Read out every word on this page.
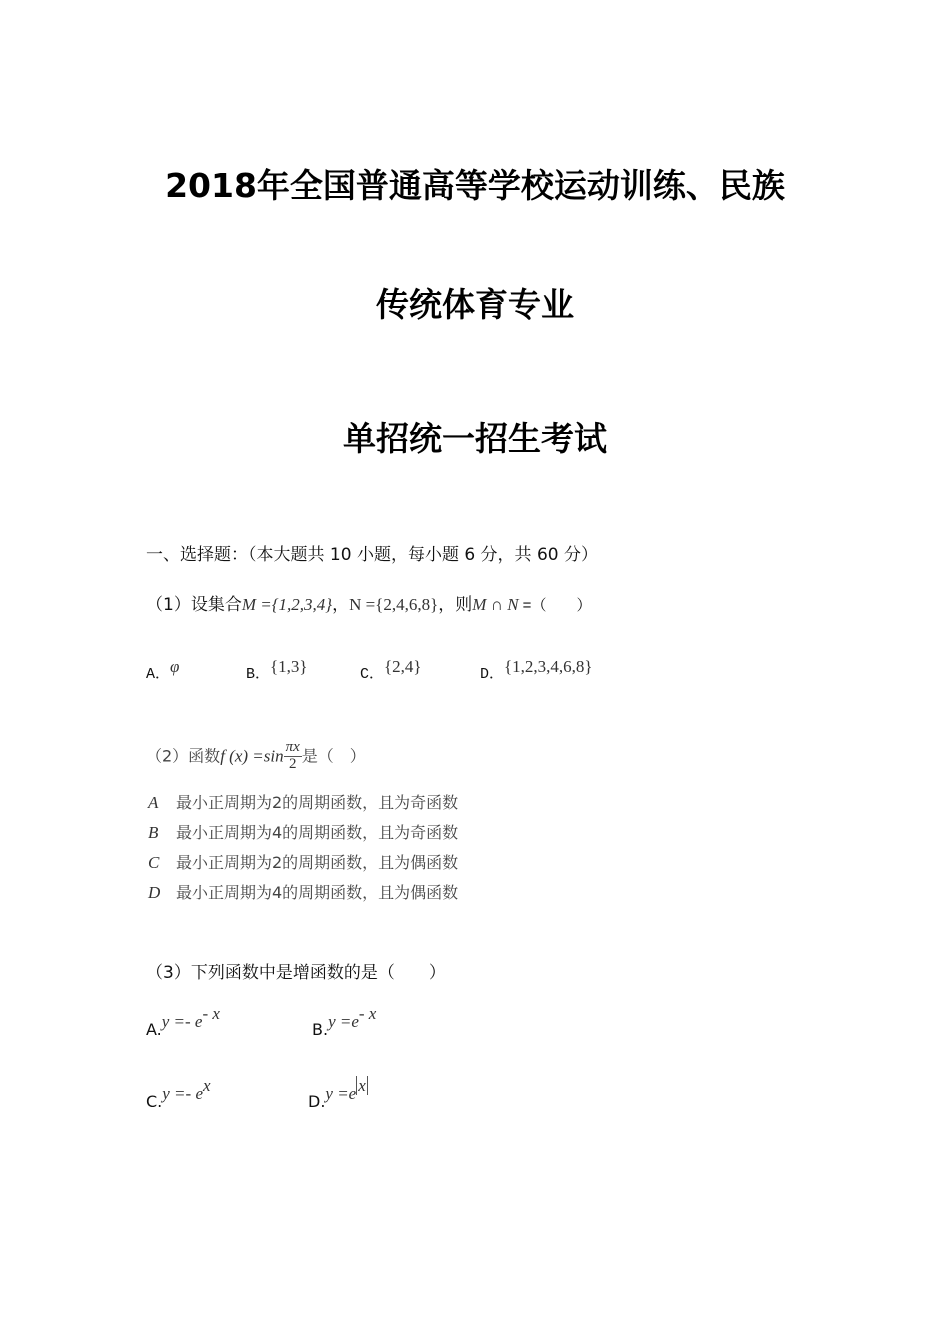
2018年全国普通高等学校运动训练、民族
传统体育专业
单招统一招生考试
一、选择题：（本大题共 10 小题，每小题 6 分，共 60 分）
（1）设集合M ={1,2,3,4}，N ={2,4,6,8}，则M ∩ N =（　　）
A．φ	B．{1,3}	C．{2,4}	D．{1,2,3,4,6,8}
（2）函数f $(x) =\sin \frac{\pi x}{2}$ 是（　）
A 最小正周期为2的周期函数，且为奇函数
B 最小正周期为4的周期函数，且为奇函数
C 最小正周期为2的周期函数，且为偶函数
D 最小正周期为4的周期函数，且为偶函数
（3）下列函数中是增函数的是（　　）
$A.y =- e^{- x}$
$B.y =e^{- x}$
$C.y =- e^x$
D.y =e $^x$
